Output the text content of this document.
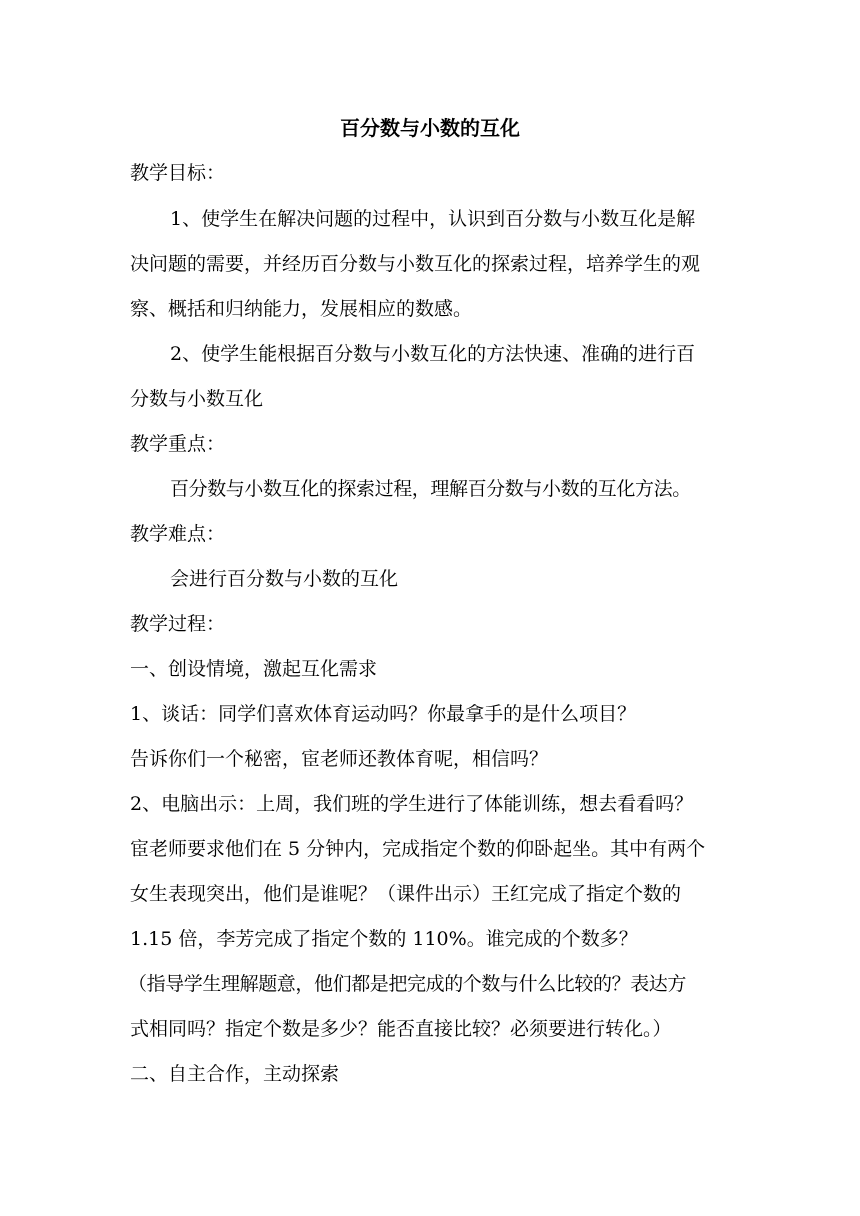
百分数与小数的互化
教学目标：
1、使学生在解决问题的过程中，认识到百分数与小数互化是解
决问题的需要，并经历百分数与小数互化的探索过程，培养学生的观
察、概括和归纳能力，发展相应的数感。
2、使学生能根据百分数与小数互化的方法快速、准确的进行百
分数与小数互化
教学重点：
百分数与小数互化的探索过程，理解百分数与小数的互化方法。
教学难点：
会进行百分数与小数的互化
教学过程：
一、创设情境，激起互化需求
1、谈话：同学们喜欢体育运动吗？你最拿手的是什么项目？
告诉你们一个秘密，宦老师还教体育呢，相信吗？
2、电脑出示：上周，我们班的学生进行了体能训练，想去看看吗？
宦老师要求他们在 5 分钟内，完成指定个数的仰卧起坐。其中有两个
女生表现突出，他们是谁呢？（课件出示）王红完成了指定个数的
1.15 倍，李芳完成了指定个数的 110%。谁完成的个数多？
（指导学生理解题意，他们都是把完成的个数与什么比较的？表达方
式相同吗？指定个数是多少？能否直接比较？必须要进行转化。）
二、自主合作，主动探索
